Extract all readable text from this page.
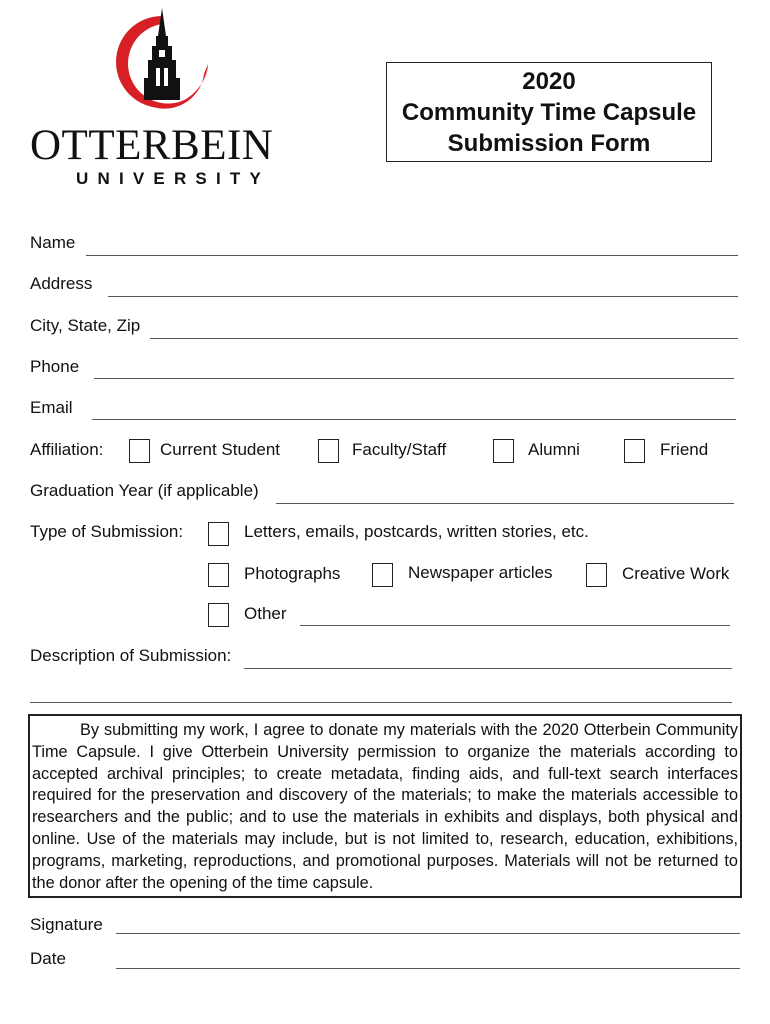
OTTERBEIN
UNIVERSITY
2020
Community Time Capsule
Submission Form
Name
Address
City, State, Zip
Phone
Email
Affiliation:	Current Student	Faculty/Staff	Alumni	Friend
Graduation Year (if applicable)
Type of Submission:	Letters, emails, postcards, written stories, etc.
Photographs	Newspaper articles	Creative Work
Other
Description of Submission:
By submitting my work, I agree to donate my materials with the 2020 Otterbein Community Time Capsule. I give Otterbein University permission to organize the materials according to accepted archival principles; to create metadata, finding aids, and full-text search interfaces required for the preservation and discovery of the materials; to make the materials accessible to researchers and the public; and to use the materials in exhibits and displays, both physical and online. Use of the materials may include, but is not limited to, research, education, exhibitions, programs, marketing, reproductions, and promotional purposes. Materials will not be returned to the donor after the opening of the time capsule.
Signature
Date
